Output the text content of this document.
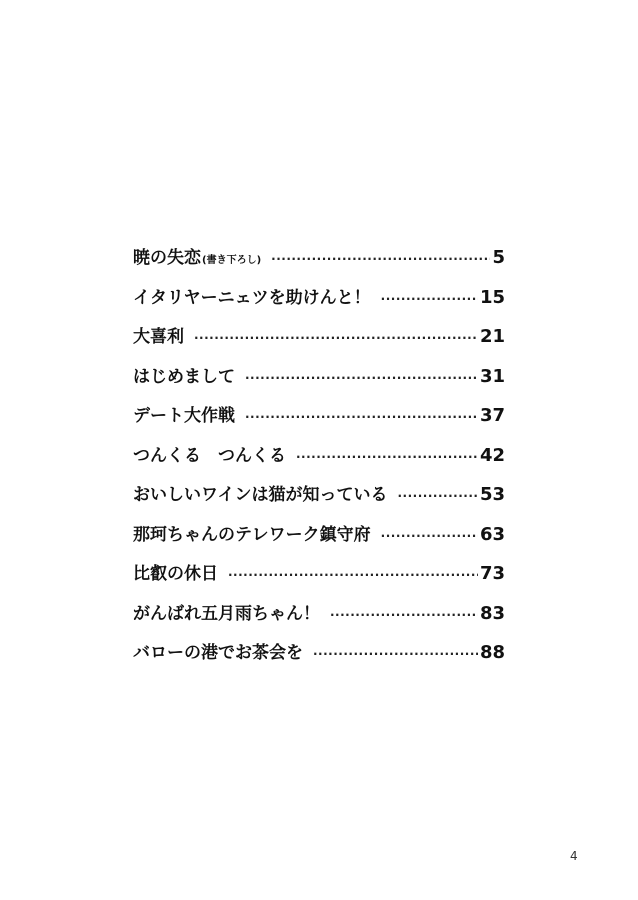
暁の失恋(書き下ろし) ·····	5
イタリヤーニェツを助けんと！ ·····	15
大喜利 ·····	21
はじめまして ·····	31
デート大作戦 ·····	37
つんくる　つんくる ·····	42
おいしいワインは猫が知っている ·····	53
那珂ちゃんのテレワーク鎮守府 ·····	63
比叡の休日 ·····	73
がんばれ五月雨ちゃん！ ·····	83
バローの港でお茶会を ·····	88
4
